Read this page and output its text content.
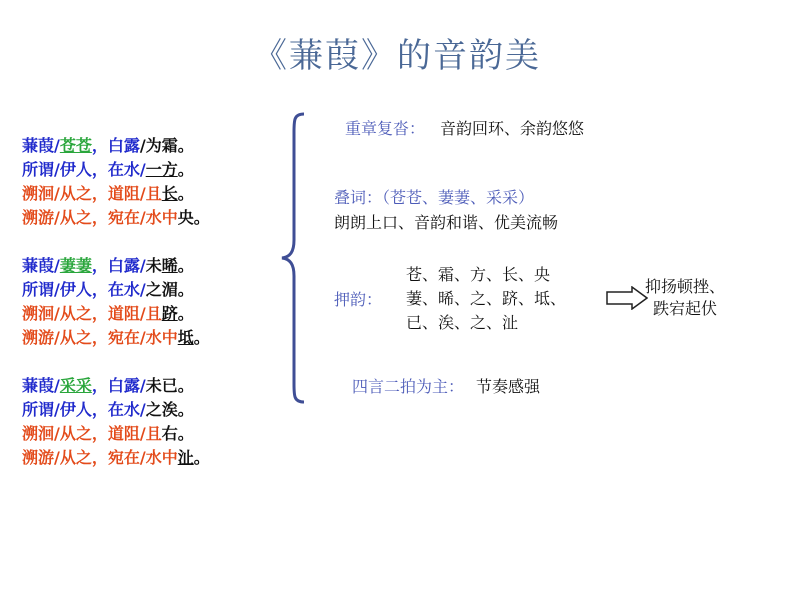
《蒹葭》的音韵美
蒹葭/苍苍，白露/为霜。
所谓/伊人，在水/一方。
溯洄/从之，道阻/且长。
溯游/从之，宛在/水中央。
蒹葭/萋萋，白露/未晞。
所谓/伊人，在水/之湄。
溯洄/从之，道阻/且跻。
溯游/从之，宛在/水中坻。
蒹葭/采采，白露/未已。
所谓/伊人，在水/之涘。
溯洄/从之，道阻/且右。
溯游/从之，宛在/水中沚。
重章复沓： 音韵回环、余韵悠悠
叠词：（苍苍、萋萋、采采）
朗朗上口、音韵和谐、优美流畅
押韵：
苍、霜、方、长、央
萋、晞、之、跻、坻、
已、涘、之、沚
抑扬顿挫、
跌宕起伏
四言二拍为主： 节奏感强
